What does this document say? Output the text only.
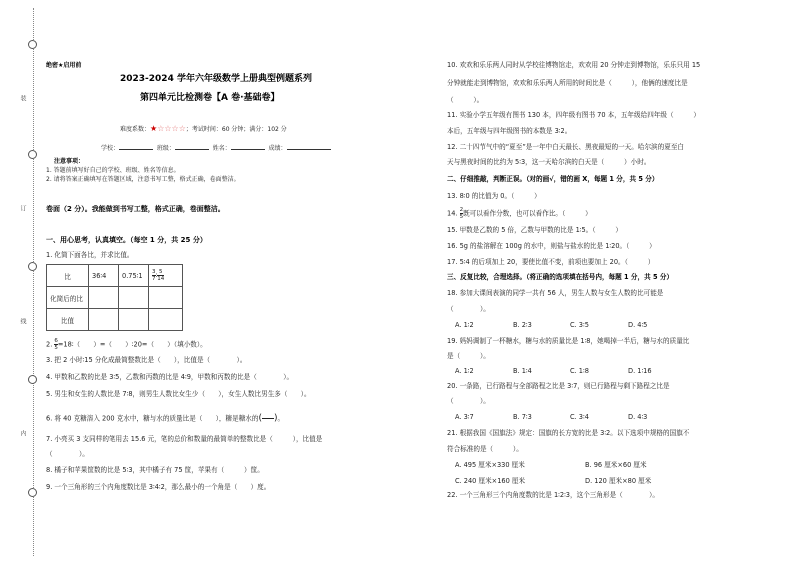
装
订
线
内
绝密★启用前
2023-2024 学年六年级数学上册典型例题系列
第四单元比检测卷【A 卷·基础卷】
难度系数：★☆☆☆☆；考试时间：60 分钟；满分：102 分
学校：	班级：	姓名：	成绩：
注意事项：
1. 答题前填写好自己的学校、班级、姓名等信息。
2. 请将答案正确填写在答题区域，注意书写工整，格式正确，卷面整洁。
卷面（2 分）。我能做到书写工整，格式正确，卷面整洁。
一、用心思考，认真填空。（每空 1 分，共 25 分）
1. 化简下面各比，并求比值。
比	36∶4	0.75∶1	$\frac{3}{7}$ ∶ $\frac{5}{14}$

化简后的比			
比值			
2. $\frac{6}{5}$ =18∶（　　）=（　　）∶20=（　　）（填小数）。
3. 把 2 小时∶15 分化成最简整数比是（　　），比值是（　　　　）。
4. 甲数和乙数的比是 3∶5，乙数和丙数的比是 4∶9，甲数和丙数的比是（　　　　）。
5. 男生和女生的人数比是 7∶8，则男生人数比女生少（　　），女生人数比男生多（　　）。
6. 将 40 克糖溶入 200 克水中，糖与水的质量比是（　　），糖是糖水的(

)。
7. 小亮买 3 支同样的笔用去 15.6 元，笔的总价和数量的最简单的整数比是（　　　），比值是
（　　　　）。
8. 橘子和苹果筐数的比是 5∶3，其中橘子有 75 筐，苹果有（　　　）筐。
9. 一个三角形的三个内角度数比是 3∶4∶2，那么最小的一个角是（　　）度。
10. 欢欢和乐乐两人同时从学校往博物馆走，欢欢用 20 分钟走到博物馆，乐乐只用 15
分钟就能走到博物馆，欢欢和乐乐两人所用的时间比是（　　　），他俩的速度比是
（　　　）。
11. 实验小学五年级有图书 130 本，四年级有图书 70 本，五年级给四年级（　　　）
本后，五年级与四年级图书的本数是 3∶2。
12. 二十四节气中的“夏至”是一年中白天最长、黑夜最短的一天。哈尔滨的夏至白
天与黑夜时间的比约为 5∶3，这一天哈尔滨的白天是（　　　）小时。
二、仔细推敲，判断正误。（对的画√，错的画 X，每题 1 分，共 5 分）
13. 8∶0 的比值为 0。（　　　）
14. $\frac{2}{5}$ 既可以看作分数，也可以看作比。（　　　）
15. 甲数是乙数的 5 倍，乙数与甲数的比是 1∶5。（　　　）
16. 5g 的盐溶解在 100g 的水中，则盐与盐水的比是 1∶20。（　　　）
17. 5∶4 的后项加上 20，要使比值不变，前项也要加上 20。（　　　）
三、反复比较，合理选择。（将正确的选项填在括号内，每题 1 分，共 5 分）
18. 参加大课间表演的同学一共有 56 人，男生人数与女生人数的比可能是
（　　　　）。
A. 1∶2	B. 2∶3	C. 3∶5	D. 4∶5
19. 妈妈调制了一杯糖水，糖与水的质量比是 1∶8，她喝掉一半后，糖与水的质量比
是（　　　）。
A. 1∶2	B. 1∶4	C. 1∶8	D. 1∶16
20. 一条路，已行路程与全部路程之比是 3∶7，则已行路程与剩下路程之比是
（　　　　）。
A. 3∶7	B. 7∶3	C. 3∶4	D. 4∶3
21. 根据我国《国旗法》规定：国旗的长方宽的比是 3∶2。以下选项中规格的国旗不
符合标准的是（　　　）。
A. 495 厘米×330 厘米	B. 96 厘米×60 厘米
C. 240 厘米×160 厘米	D. 120 厘米×80 厘米
22. 一个三角形三个内角度数的比是 1∶2∶3，这个三角形是（　　　　）。
